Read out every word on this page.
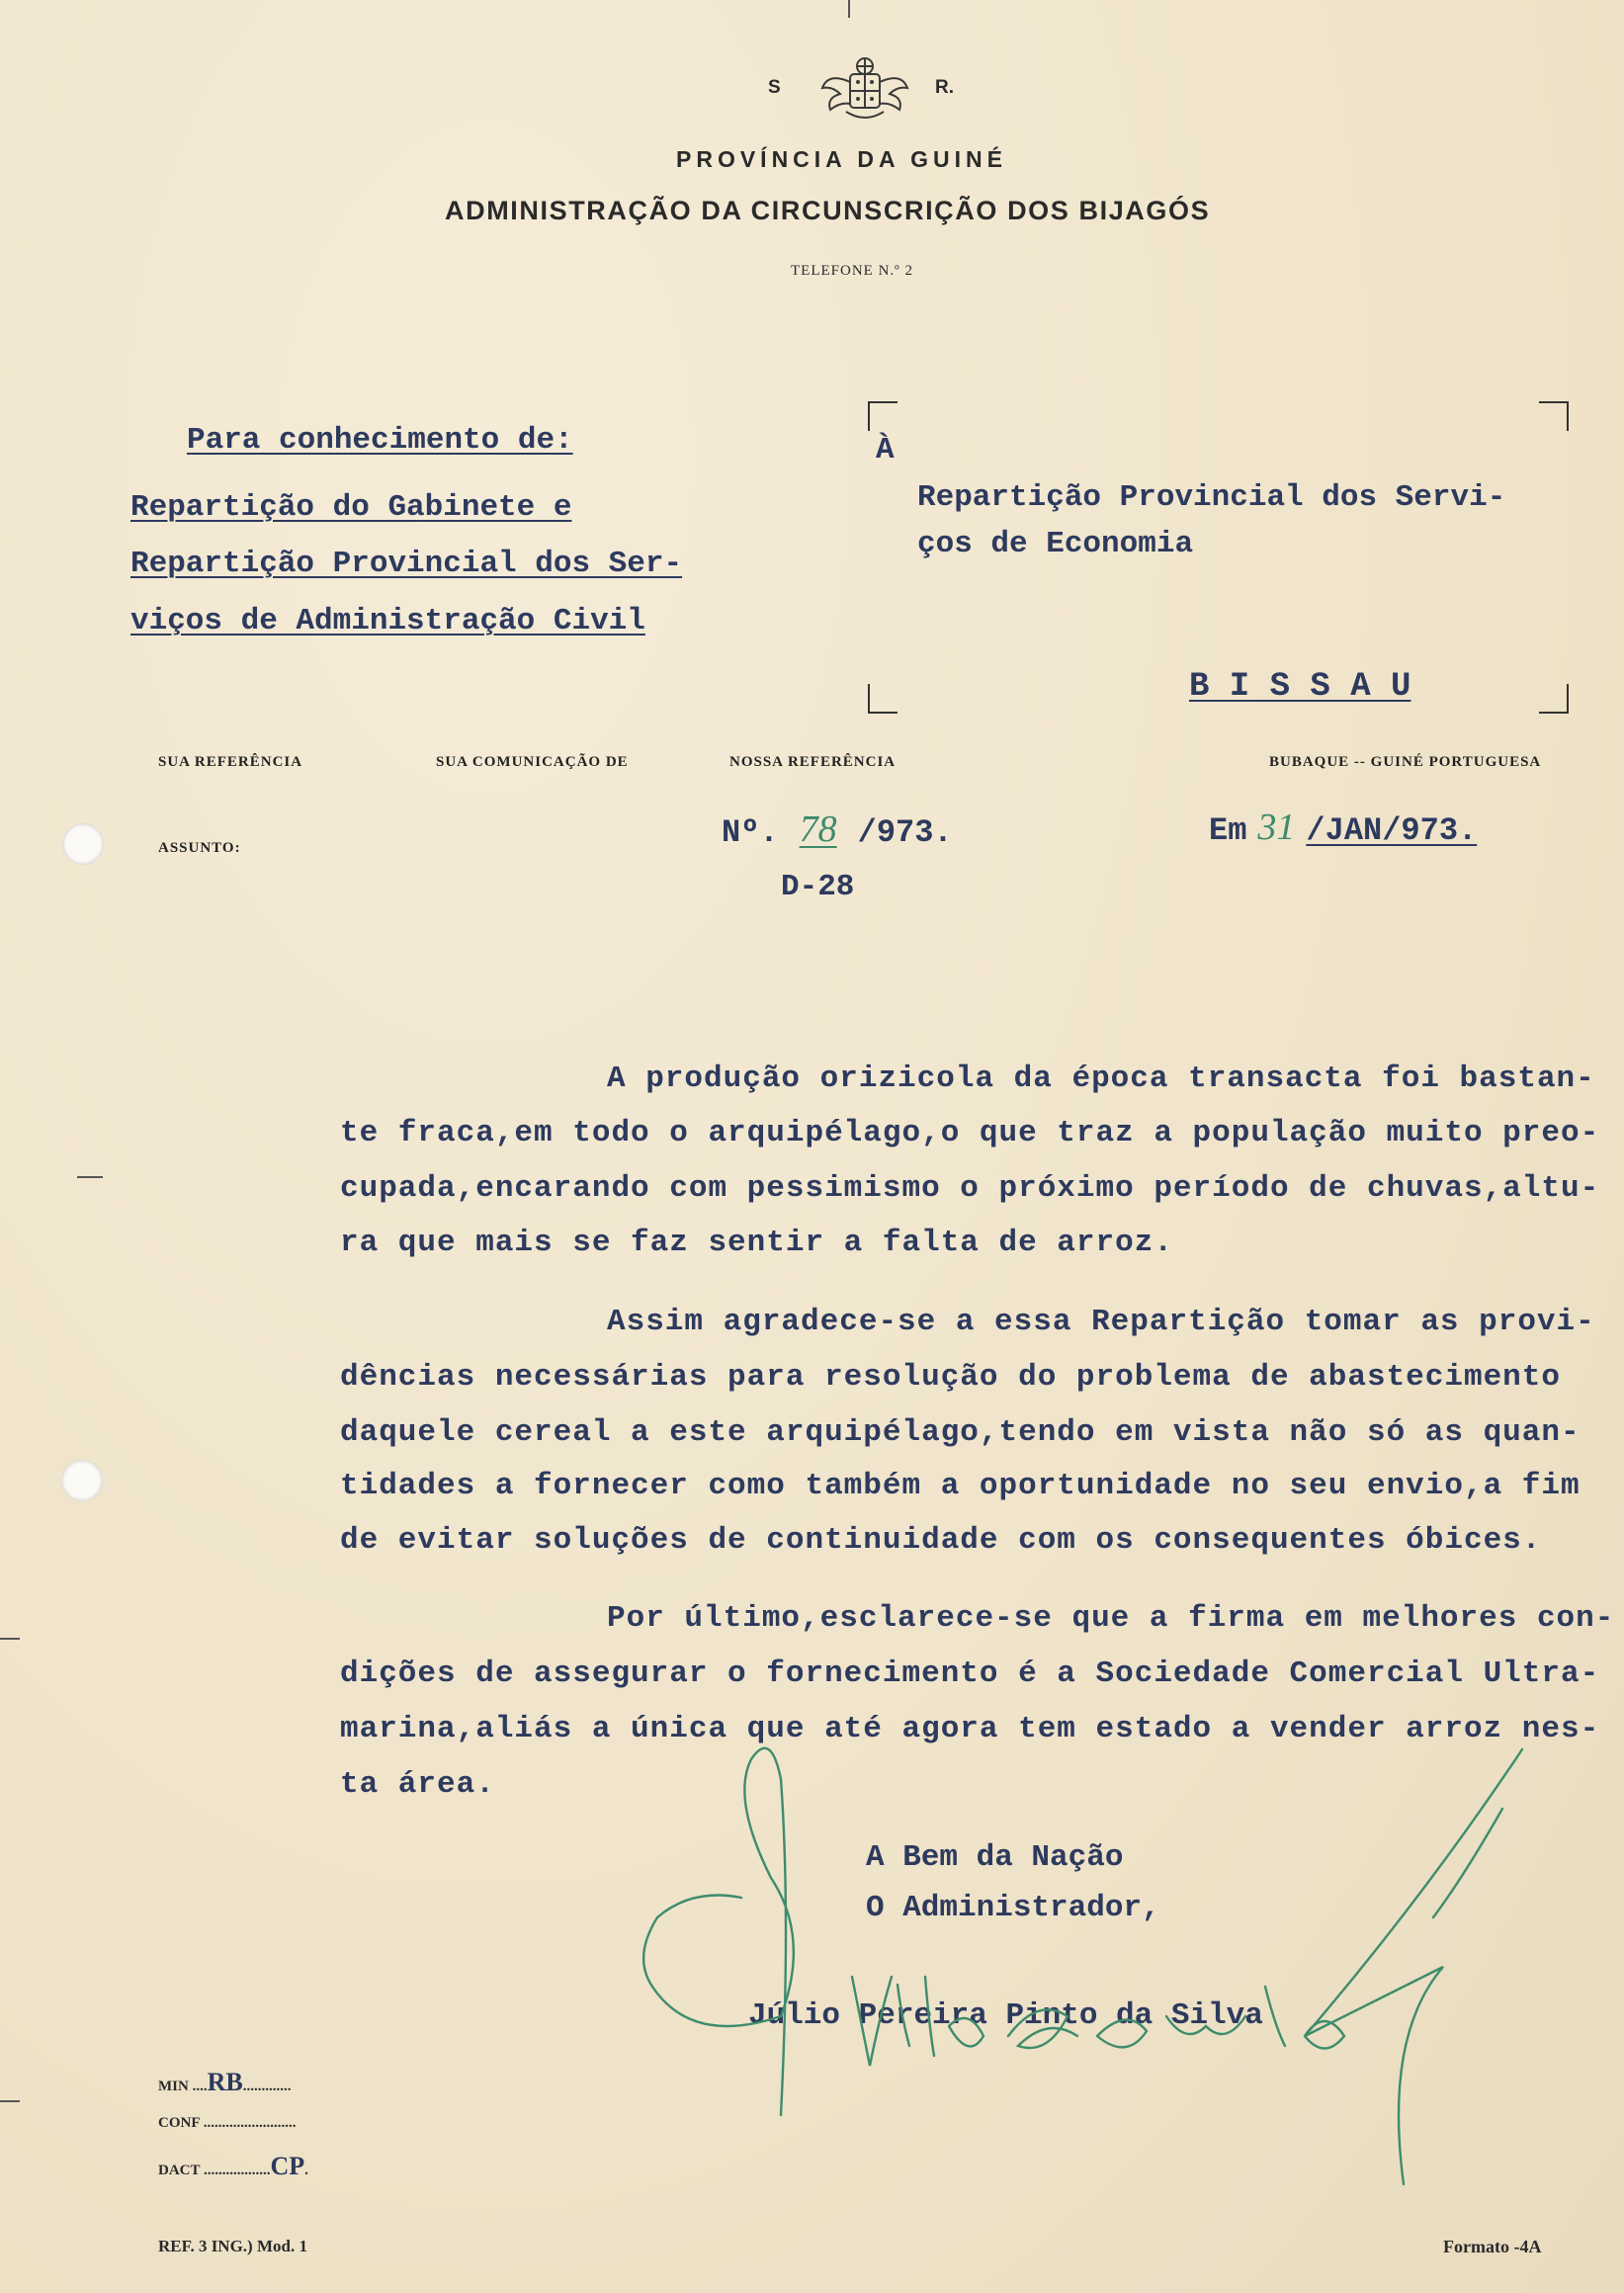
S	R.
PROVÍNCIA DA GUINÉ
ADMINISTRAÇÃO DA CIRCUNSCRIÇÃO DOS BIJAGÓS
TELEFONE N.º 2
Para conhecimento de:
Repartição do Gabinete e
Repartição Provincial dos Ser-
viços de Administração Civil
À
Repartição Provincial dos Servi-
ços de Economia
B I S S A U
SUA REFERÊNCIA	SUA COMUNICAÇÃO DE	NOSSA REFERÊNCIA	BUBAQUE -- GUINÉ PORTUGUESA
ASSUNTO:	Nº. 78 /973.
D-28
Em 31 /JAN/973.
A produção orizicola da época transacta foi bastan-
te fraca,em todo o arquipélago,o que traz a população muito preo-
cupada,encarando com pessimismo o próximo período de chuvas,altu-
ra que mais se faz sentir a falta de arroz.
Assim agradece-se a essa Repartição tomar as provi-
dências necessárias para resolução do problema de abastecimento
daquele cereal a este arquipélago,tendo em vista não só as quan-
tidades a fornecer como também a oportunidade no seu envio,a fim
de evitar soluções de continuidade com os consequentes óbices.
Por último,esclarece-se que a firma em melhores con-
dições de assegurar o fornecimento é a Sociedade Comercial Ultra-
marina,aliás a única que até agora tem estado a vender arroz nes-
ta área.
A Bem da Nação
O Administrador,
Júlio Pereira Pinto da Silva
MIN ....RB.............
CONF .........................
DACT ..................CP.
REF. 3 ING.) Mod. 1	Formato -4A
